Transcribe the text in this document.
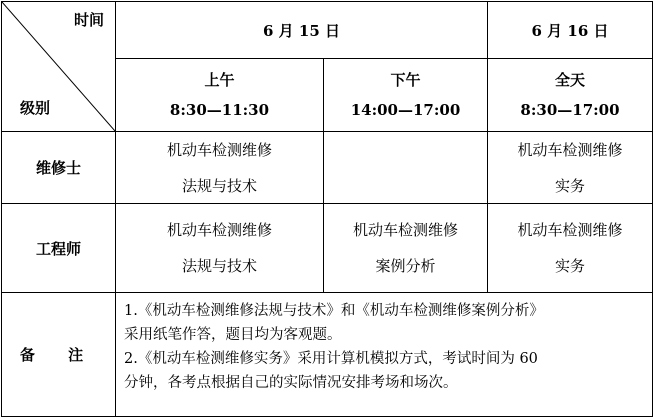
时间
级别
6 月 15 日	6 月 16 日
上午
8:30—11:30
下午
14:00—17:00
全天
8:30—17:00
维修士
机动车检测维修
法规与技术
机动车检测维修
实务
工程师
机动车检测维修
法规与技术
机动车检测维修
案例分析
机动车检测维修
实务
备 注
1.《机动车检测维修法规与技术》和《机动车检测维修案例分析》
采用纸笔作答，题目均为客观题。
2.《机动车检测维修实务》采用计算机模拟方式，考试时间为 60
分钟，各考点根据自己的实际情况安排考场和场次。
